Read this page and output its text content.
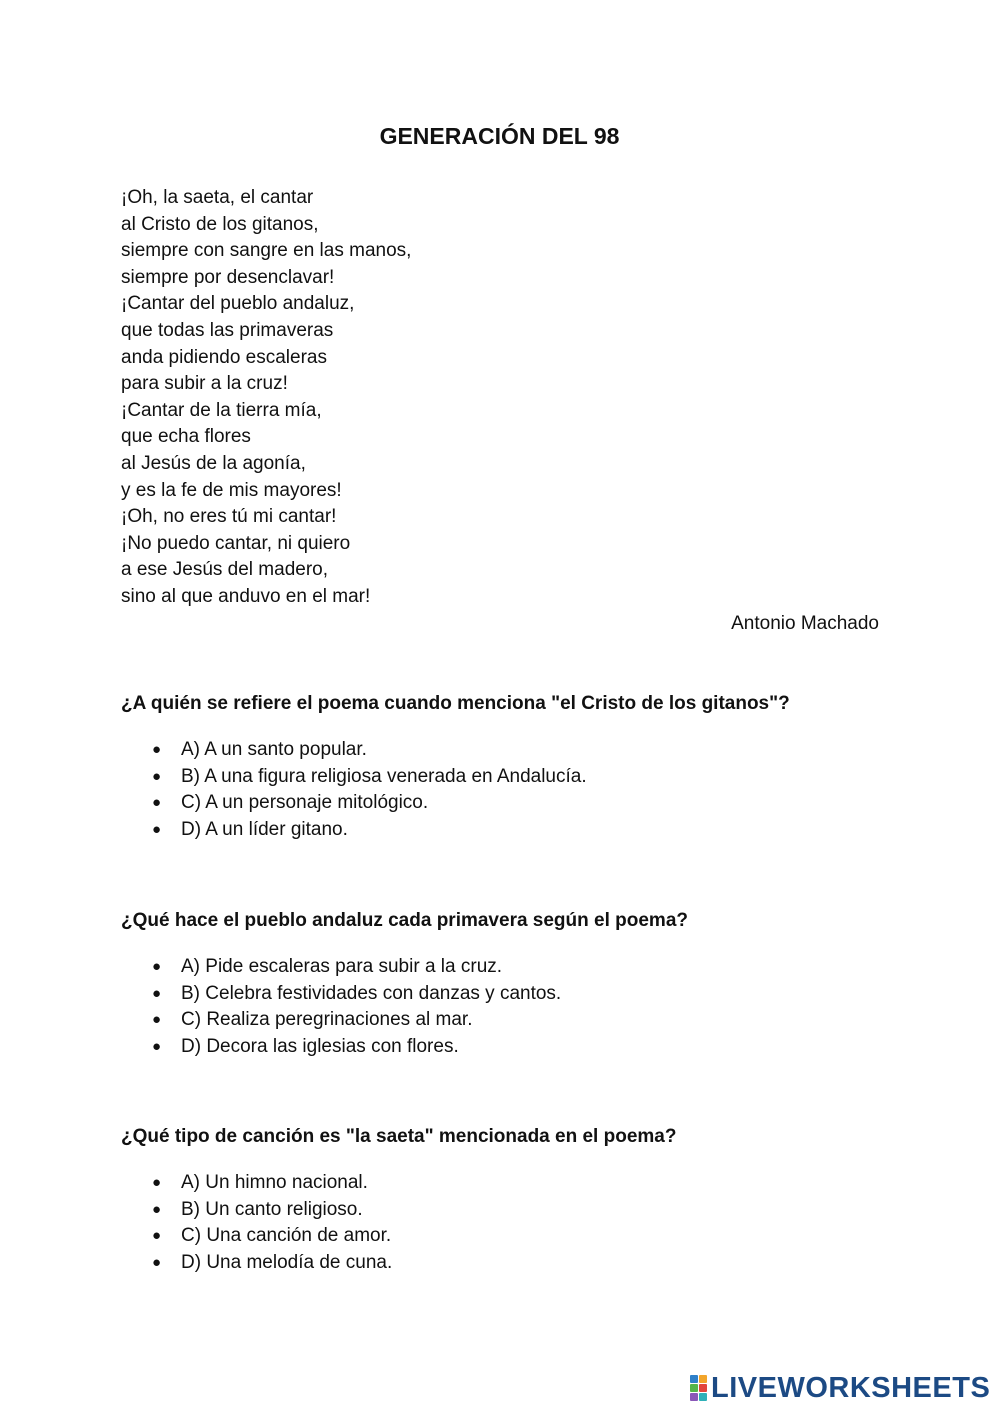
GENERACIÓN DEL 98
¡Oh, la saeta, el cantar
al Cristo de los gitanos,
siempre con sangre en las manos,
siempre por desenclavar!
¡Cantar del pueblo andaluz,
que todas las primaveras
anda pidiendo escaleras
para subir a la cruz!
¡Cantar de la tierra mía,
que echa flores
al Jesús de la agonía,
y es la fe de mis mayores!
¡Oh, no eres tú mi cantar!
¡No puedo cantar, ni quiero
a ese Jesús del madero,
sino al que anduvo en el mar!
Antonio Machado

¿A quién se refiere el poema cuando menciona "el Cristo de los gitanos"?

● A) A un santo popular.
● B) A una figura religiosa venerada en Andalucía.
● C) A un personaje mitológico.
● D) A un líder gitano.

¿Qué hace el pueblo andaluz cada primavera según el poema?

● A) Pide escaleras para subir a la cruz.
● B) Celebra festividades con danzas y cantos.
● C) Realiza peregrinaciones al mar.
● D) Decora las iglesias con flores.

¿Qué tipo de canción es "la saeta" mencionada en el poema?

● A) Un himno nacional.
● B) Un canto religioso.
● C) Una canción de amor.
● D) Una melodía de cuna.
LIVEWORKSHEETS
